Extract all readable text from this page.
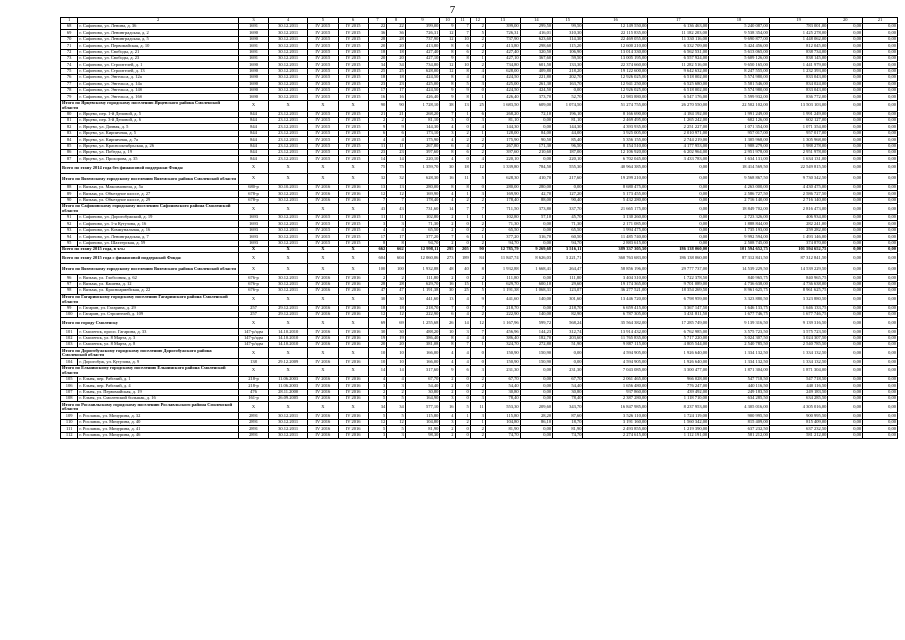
7
1	2	3	4	5	6	7	8	9	10	11	12	13	14	15	16	17	18	19	20	21
68	г. Сафоново, ул. Ленина, д. 36	1691	30.12.2011	IV 2015	IV 2015	22	22	399,00	9	7	2	399,00	299,50	99,50	12 149 550,00	6 136 463,00	5 240 087,00	783 001,00	0,00	0,00
69	г. Сафоново, ул. Ленинградская, д. 2	1690	30.12.2011	IV 2015	IV 2015	36	36	726,31	12	7	5	726,31	416,01	310,30	22 115 835,00	11 182 203,00	9 538 354,00	1 425 278,00	0,00	0,00
70	г. Сафоново, ул. Ленинградская, д. 5	1690	30.12.2011	IV 2015	IV 2015	28	28	737,90	12	10	2	737,90	623,60	114,30	22 469 055,00	11 330 116,00	9 690 877,00	1 448 062,00	0,00	0,00
71	г. Сафоново, ул. Первомайская, д. 10	1691	30.12.2011	IV 2015	IV 2015	20	20	413,80	8	6	2	413,80	298,60	115,20	12 600 210,00	6 332 709,00	5 424 456,00	812 045,00	0,00	0,00
72	г. Сафоново, ул. Свободы, д. 21	1691	30.12.2011	IV 2015	IV 2015	18	18	427,40	8	6	2	427,40	320,50	106,90	13 014 330,00	6 562 531,00	5 613 065,00	838 734,00	0,00	0,00
73	г. Сафоново, ул. Свободы, д. 23	1691	30.12.2011	IV 2015	IV 2015	20	20	427,10	9	8	1	427,10	367,60	59,50	13 005 195,00	6 557 924,00	5 609 126,00	838 145,00	0,00	0,00
74	г. Сафоново, ул. Строителей, д. 1	1690	30.12.2011	IV 2015	IV 2015	34	34	734,80	12	10	2	734,80	601,50	133,30	22 374 660,00	11 282 516,00	9 650 165,00	1 441 979,00	0,00	0,00
75	г. Сафоново, ул. Строителей, д. 13	1690	30.12.2011	IV 2015	IV 2015	25	25	628,00	12	8	4	628,00	409,80	218,20	19 122 600,00	9 642 632,00	8 247 555,00	1 232 393,00	0,00	0,00
76	г. Сафоново, ул. Энгельса, д. 12а	1690	30.12.2011	IV 2015	IV 2015	18	18	424,50	8	4	4	424,50	221,80	202,70	12 926 025,00	6 518 002,00	5 574 980,00	833 043,00	0,00	0,00
77	г. Сафоново, ул. Энгельса, д. 14а	1690	30.12.2011	IV 2015	IV 2015	23	23	425,00	8	5	3	425,00	261,30	163,70	12 941 250,00	6 525 680,00	5 581 546,00	834 024,00	0,00	0,00
78	г. Сафоново, ул. Энгельса, д. 14б	1690	30.12.2011	IV 2015	IV 2015	17	17	424,50	9	9	0	424,50	424,50	0,00	12 926 025,00	6 518 002,00	5 574 980,00	833 043,00	0,00	0,00
79	г. Сафоново, ул. Энгельса, д. 16б	1690	30.12.2011	IV 2015	IV 2015	16	16	426,40	9	8	1	426,40	373,70	52,70	12 983 880,00	6 547 176,00	5 599 932,00	836 772,00	0,00	0,00
Итого по Ярцевскому городскому поселению Ярцевского района Смоленской области		X	X	X	X	90	90	1 728,10	38	13	25	1 683,50	609,00	1 074,50	51 274 755,00	26 270 550,00	22 502 102,00	13 503 103,00	0,00	0,00
80	г. Ярцево, пер. 1-й Деповой, д. 5	844	23.12.2011	IV 2015	IV 2015	21	21	268,20	7	1	6	268,20	72,10	196,10	8 166 690,00	4 184 192,00	1 991 249,00	1 991 249,00	0,00	0,00
81	г. Ярцево, пер. 3-й Деповой, д. 6	844	23.12.2011	IV 2015	IV 2015	2	2	81,10	3	0	3	81,10	0,00	81,10	2 469 495,00	1 265 242,00	602 126,00	602 127,00	0,00	0,00
82	г. Ярцево, ул. Дачная, д. 5	844	23.12.2011	IV 2015	IV 2015	9	9	144,30	4	0	4	144,30	0,00	144,30	4 393 935,00	2 251 227,00	1 071 354,00	1 071 354,00	0,00	0,00
83	г. Ярцево, ул. Кирпичная, д. 5	844	23.12.2011	IV 2015	IV 2015	6	6	173,10	3	2	1	128,00	84,00	44,00	3 925 005,00	2 010 971,00	957 017,00	957 017,00	0,00	0,00
84	г. Ярцево, ул. Кирпичная, д. 7а	844	23.12.2011	IV 2015	IV 2015	4	4	175,90	4	2	2	175,90	90,50	85,40	5 356 155,00	2 744 219,00	1 305 968,00	1 305 968,00	0,00	0,00
85	г. Ярцево, ул. Краснооктябрьская, д. 26	844	23.12.2011	IV 2015	IV 2015	11	11	267,80	6	4	2	267,80	171,30	96,50	8 154 510,00	4 177 953,00	1 988 279,00	1 988 278,00	0,00	0,00
86	г. Ярцево, ул. Победы, д. 19	844	23.12.2011	IV 2015	IV 2015	23	23	397,60	8	6	2	397,60	210,60	187,00	12 106 920,00	6 202 964,00	2 951 978,00	2 951 978,00	0,00	0,00
87	г. Ярцево, ул. Прохорова, д. 35	844	23.12.2011	IV 2015	IV 2015	14	14	220,10	4	0	4	220,10	0,00	220,10	6 702 045,00	3 433 783,00	1 634 131,00	1 634 131,00	0,00	0,00
Всего по этапу 2014 года без финансовой поддержки Фонда:		X	X	X	X	75	75	1 359,70	30	18	12	1 339,80	784,50	555,30	40 964 385,00	0,00	18 414 569,50	22 549 815,50	0,00	0,00
Итого по Вяземскому городскому поселению Вяземского района Смоленской области		X	X	X	X	32	32	628,30	16	11	5	628,30	410,70	217,60	19 299 210,00	0,00	9 568 867,50	9 730 342,50	0,00	0,00
88	г. Вязьма, ул. Максимовича, д. 5а	680-р	30.10.2011	IV 2016	IV 2016	13	13	280,00	8	8	0	280,00	280,00	0,00	8 680 475,00	0,00	4 263 000,00	4 430 475,00	0,00	0,00
89	г. Вязьма, ул. Объездное шоссе, д. 27	678-р	30.12.2011	IV 2016	IV 2016	12	12	169,90	4	1	3	169,90	42,70	127,20	5 173 455,00	0,00	2 586 727,50	2 586 727,50	0,00	0,00
90	г. Вязьма, ул. Объездное шоссе, д. 29	678-р	30.12.2011	IV 2016	IV 2016	7	7	178,40	4	2	2	178,40	88,00	90,40	5 432 280,00	0,00	2 716 140,00	2 716 140,00	0,00	0,00
Итого по Сафоновскому городскому поселению Сафоновского района Смоленской области		X	X	X	X	43	43	731,60	14	7	7	711,50	373,80	337,70	21 665 175,00	0,00	18 849 702,00	2 816 473,00	0,00	0,00
91	г. Сафоново, ул. Дорогобужский, д. 19	1693	30.12.2011	IV 2015	IV 2015	11	11	102,80	2	1	1	102,80	57,10	45,70	3 130 260,00	0,00	2 723 326,00	406 934,00	0,00	0,00
92	г. Сафоново, ул. 1-я Кутузова, д. 16	1693	30.12.2011	IV 2015	IV 2015	3	3	71,30	2	0	2	71,30	0,00	71,30	2 171 085,00	0,00	1 888 844,00	282 241,00	0,00	0,00
93	г. Сафоново, ул. Коммунальная, д. 16	1693	30.12.2011	IV 2015	IV 2015	4	4	65,50	2	0	2	65,50	0,00	65,50	1 994 475,00	0,00	1 735 193,00	259 282,00	0,00	0,00
94	г. Сафоново, ул. Ленинградская, д. 7	1693	30.12.2011	IV 2015	IV 2015	17	17	377,20	7	6	1	377,20	316,70	60,50	11 485 740,00	0,00	9 992 594,00	1 493 146,00	0,00	0,00
95	г. Сафоново, ул. Шахтерская, д. 59	1693	30.12.2011	IV 2015	IV 2015	8	8	94,70	2	0	2	94,70	0,00	94,70	2 883 615,00	0,00	2 508 745,00	374 870,00	0,00	0,00
Всего по этапу 2015 года, в т.ч.:		X	X	X	X	662	662	12 998,11	295	205	90	12 785,79	9 269,68	3 516,11	389 337 305,50	186 138 060,00	101 594 652,75	101 594 652,75	0,00	0,00
Всего по этапу 2015 года с финансовой поддержкой Фонда:		X	X	X	X	604	604	12 060,06	273	189	84	11 847,74	8 626,03	3 221,71	360 763 683,00	186 138 060,00	87 312 841,50	87 312 841,50	0,00	0,00
Итого по Вяземскому городскому поселению Вяземского района Смоленской области		X	X	X	X	100	100	1 932,88	48	40	8	1 932,88	1 668,41	264,47	58 856 196,00	29 777 737,00	14 539 229,50	14 539 229,50	0,00	0,00
96	г. Вязьма, ул. Глобсония, д. 62	676-р	30.12.2011	IV 2016	IV 2016	2	2	111,80	2	0	2	111,80	0,00	111,80	3 404 310,00	1 722 378,50	840 965,75	840 965,75	0,00	0,00
97	г. Вязьма, ул. Кашена, д. 12	676-р	30.12.2011	IV 2016	IV 2016	28	28	629,70	16	15	1	629,70	600,10	29,60	19 174 365,00	9 701 089,00	4 736 638,00	4 736 638,00	0,00	0,00
98	г. Вязьма, ул. Красноармейская, д. 22	676-р	30.12.2011	IV 2016	IV 2016	47	47	1 191,38	30	25	5	1 191,38	1 068,31	123,07	36 277 521,00	18 354 269,50	8 961 625,75	8 961 625,75	0,00	0,00
Итого по Гагаринскому городскому поселению Гагаринского района Смоленской области		X	X	X	X	30	30	441,60	13	4	9	441,60	140,00	301,60	13 446 720,00	6 798 959,00	3 323 880,50	3 323 880,50	0,00	0,00
99	г. Гагарин, ул. Гагарина, д. 29	257	29.12.2011	IV 2016	IV 2016	18	18	218,70	7	0	7	218,70	0,00	218,70	6 659 415,00	3 367 147,50	1 646 133,75	1 646 133,75	0,00	0,00
100	г. Гагарин, ул. Строителей, д. 109	257	29.12.2011	IV 2016	IV 2016	12	12	222,90	6	4	2	222,90	140,00	82,90	6 787 305,00	3 431 811,50	1 677 746,75	1 677 746,75	0,00	0,00
Итого по городу Смоленску		X	X	X	X	69	69	1 255,68	26	14	12	1 167,96	599,72	568,24	35 564 382,00	17 285 749,00	9 139 316,50	9 139 316,50	0,00	0,00
101	г. Смоленск, просп. Гагарина, д. 33	147-р/адм	14.10.2010	IV 2016	IV 2016	30	30	488,20	10	3	7	456,96	144,23	312,74	13 914 432,00	6 762 985,00	3 575 723,50	3 575 723,50	0,00	0,00
102	г. Смоленск, ул. 8 Марта, д. 3	147-р/адм	14.10.2010	IV 2016	IV 2016	19	19	386,40	8	4	4	386,40	182,70	203,60	11 765 835,00	5 717 220,00	3 024 307,50	3 024 307,50	0,00	0,00
103	г. Смоленск, ул. 8 Марта, д. 8	147-р/адм	14.10.2010	IV 2016	IV 2016	20	20	381,08	8	7	1	324,70	272,80	51,90	9 887 115,00	4 805 544,00	2 540 785,50	2 540 785,50	0,00	0,00
Итого по Дорогобужскому городскому поселению Дорогобужского района Смоленской области		X	X	X	X	10	10	166,00	4	4	0	150,90	150,90	0,00	4 594 905,00	1 926 640,00	1 334 132,50	1 334 132,50	0,00	0,00
104	г. Дорогобуж, ул. Кутузова, д. 9	138	29.12.2009	IV 2016	IV 2016	10	10	166,00	4	4	0	150,90	150,90	0,00	4 594 905,00	1 926 640,00	1 334 132,50	1 334 132,50	0,00	0,00
Итого по Ельнинскому городскому поселению Ельнинского района Смоленской области		X	X	X	X	14	14	317,60	9	6	3	231,30	0,00	231,30	7 043 085,00	3 300 477,00	1 871 304,00	1 871 304,00	0,00	0,00
105	г. Ельня, пер. Рабочий, д. 1	218-р	11.06.2003	IV 2016	IV 2016	4	4	67,70	2	0	2	67,70	0,00	67,70	2 061 465,00	966 028,00	547 718,50	547 718,50	0,00	0,00
106	г. Ельня, пер. Рабочий, д. 4	218-р	11.06.2003	IV 2016	IV 2016	3	3	54,40	2	0	2	54,40	0,00	54,40	1 656 480,00	776 247,00	440 116,50	440 116,50	0,00	0,00
107	г. Ельня, ул. Первомайская, д. 19	476	28.11.2000	IV 2016	IV 2016	2	2	30,80	2	0	2	30,80	0,00	30,80	937 860,00	439 492,00	249 183,50	249 183,50	0,00	0,00
108	г. Ельня, ул. Смоленский большак, д. 16	161-р	26.09.2005	IV 2016	IV 2016	5	5	164,90	3	0	3	78,40	0,00	78,40	2 387 280,00	1 118 710,00	634 285,50	634 285,50	0,00	0,00
Итого по Рославльскому городскому поселению Рославльского района Смоленской области		X	X	X	X	34	34	577,10	16	5	11	553,30	209,60	343,70	16 847 985,00	8 237 953,00	4 305 016,00	4 305 016,00	0,00	0,00
109	г. Рославль, ул. Мичурина, д. 32	2891	30.12.2011	IV 2016	IV 2016	5	5	115,80	4	1	3	115,80	28,20	87,60	3 526 110,00	1 724 119,00	900 995,50	900 995,50	0,00	0,00
110	г. Рославль, ул. Мичурина, д. 40	2891	30.12.2011	IV 2016	IV 2016	12	12	104,80	3	2	1	104,80	86,10	18,70	3 191 160,00	1 560 342,00	815 409,00	815 409,00	0,00	0,00
111	г. Рославль, ул. Мичурина, д. 41	2891	30.12.2011	IV 2016	IV 2016	5	5	81,90	2	0	2	81,90	0,00	81,90	2 493 855,00	1 219 390,00	637 232,50	637 232,50	0,00	0,00
112	г. Рославль, ул. Мичурина, д. 46	2891	30.12.2011	IV 2016	IV 2016	3	3	98,30	2	0	2	74,70	0,00	74,70	2 274 615,00	1 112 191,00	581 212,00	581 212,00	0,00	0,00
